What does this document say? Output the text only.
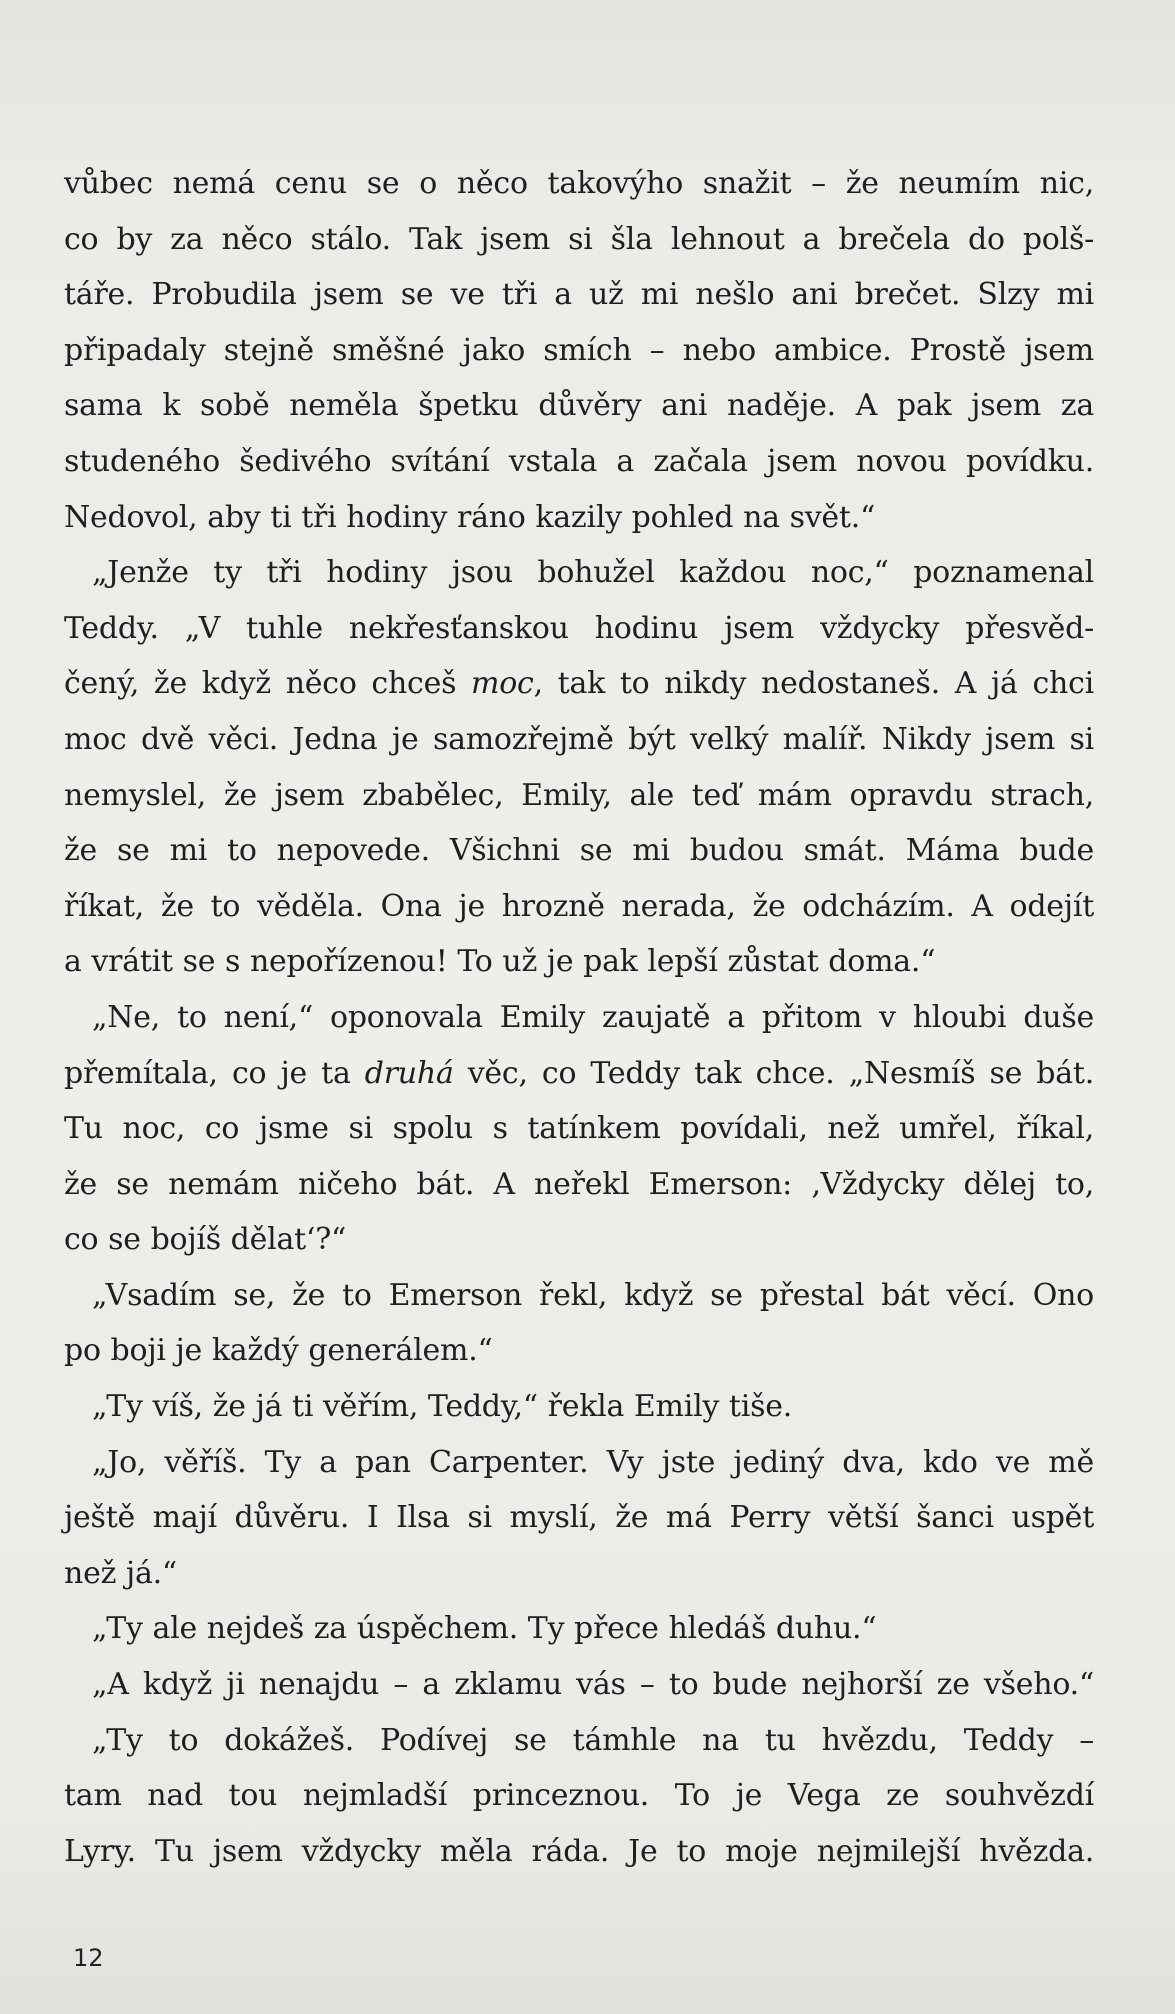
vůbec nemá cenu se o něco takovýho snažit – že neumím nic,
co by za něco stálo. Tak jsem si šla lehnout a brečela do polš-
táře. Probudila jsem se ve tři a už mi nešlo ani brečet. Slzy mi
připadaly stejně směšné jako smích – nebo ambice. Prostě jsem
sama k sobě neměla špetku důvěry ani naděje. A pak jsem za
studeného šedivého svítání vstala a začala jsem novou povídku.
Nedovol, aby ti tři hodiny ráno kazily pohled na svět.“
„Jenže ty tři hodiny jsou bohužel každou noc,“ poznamenal
Teddy. „V tuhle nekřesťanskou hodinu jsem vždycky přesvěd-
čený, že když něco chceš moc, tak to nikdy nedostaneš. A já chci
moc dvě věci. Jedna je samozřejmě být velký malíř. Nikdy jsem si
nemyslel, že jsem zbabělec, Emily, ale teď mám opravdu strach,
že se mi to nepovede. Všichni se mi budou smát. Máma bude
říkat, že to věděla. Ona je hrozně nerada, že odcházím. A odejít
a vrátit se s nepořízenou! To už je pak lepší zůstat doma.“
„Ne, to není,“ oponovala Emily zaujatě a přitom v hloubi duše
přemítala, co je ta druhá věc, co Teddy tak chce. „Nesmíš se bát.
Tu noc, co jsme si spolu s tatínkem povídali, než umřel, říkal,
že se nemám ničeho bát. A neřekl Emerson: ‚Vždycky dělej to,
co se bojíš dělat‘?“
„Vsadím se, že to Emerson řekl, když se přestal bát věcí. Ono
po boji je každý generálem.“
„Ty víš, že já ti věřím, Teddy,“ řekla Emily tiše.
„Jo, věříš. Ty a pan Carpenter. Vy jste jediný dva, kdo ve mě
ještě mají důvěru. I Ilsa si myslí, že má Perry větší šanci uspět
než já.“
„Ty ale nejdeš za úspěchem. Ty přece hledáš duhu.“
„A když ji nenajdu – a zklamu vás – to bude nejhorší ze všeho.“
„Ty to dokážeš. Podívej se támhle na tu hvězdu, Teddy –
tam nad tou nejmladší princeznou. To je Vega ze souhvězdí
Lyry. Tu jsem vždycky měla ráda. Je to moje nejmilejší hvězda.
12
